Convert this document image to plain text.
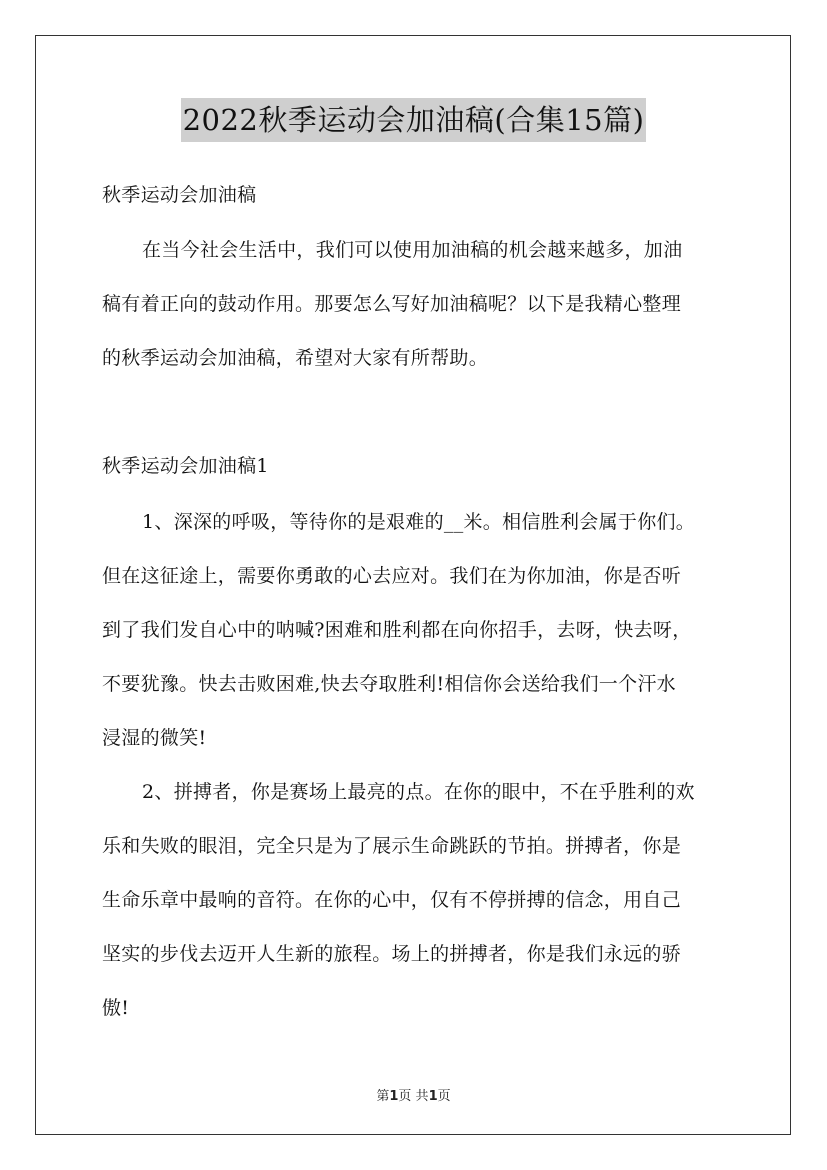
2022秋季运动会加油稿(合集15篇)
秋季运动会加油稿
在当今社会生活中，我们可以使用加油稿的机会越来越多，加油
稿有着正向的鼓动作用。那要怎么写好加油稿呢？以下是我精心整理
的秋季运动会加油稿，希望对大家有所帮助。
秋季运动会加油稿1
1、深深的呼吸，等待你的是艰难的__米。相信胜利会属于你们。
但在这征途上，需要你勇敢的心去应对。我们在为你加油，你是否听
到了我们发自心中的呐喊?困难和胜利都在向你招手，去呀，快去呀，
不要犹豫。快去击败困难,快去夺取胜利!相信你会送给我们一个汗水
浸湿的微笑!
2、拼搏者，你是赛场上最亮的点。在你的眼中，不在乎胜利的欢
乐和失败的眼泪，完全只是为了展示生命跳跃的节拍。拼搏者，你是
生命乐章中最响的音符。在你的心中，仅有不停拼搏的信念，用自己
坚实的步伐去迈开人生新的旅程。场上的拼搏者，你是我们永远的骄
傲!
第1页 共1页
